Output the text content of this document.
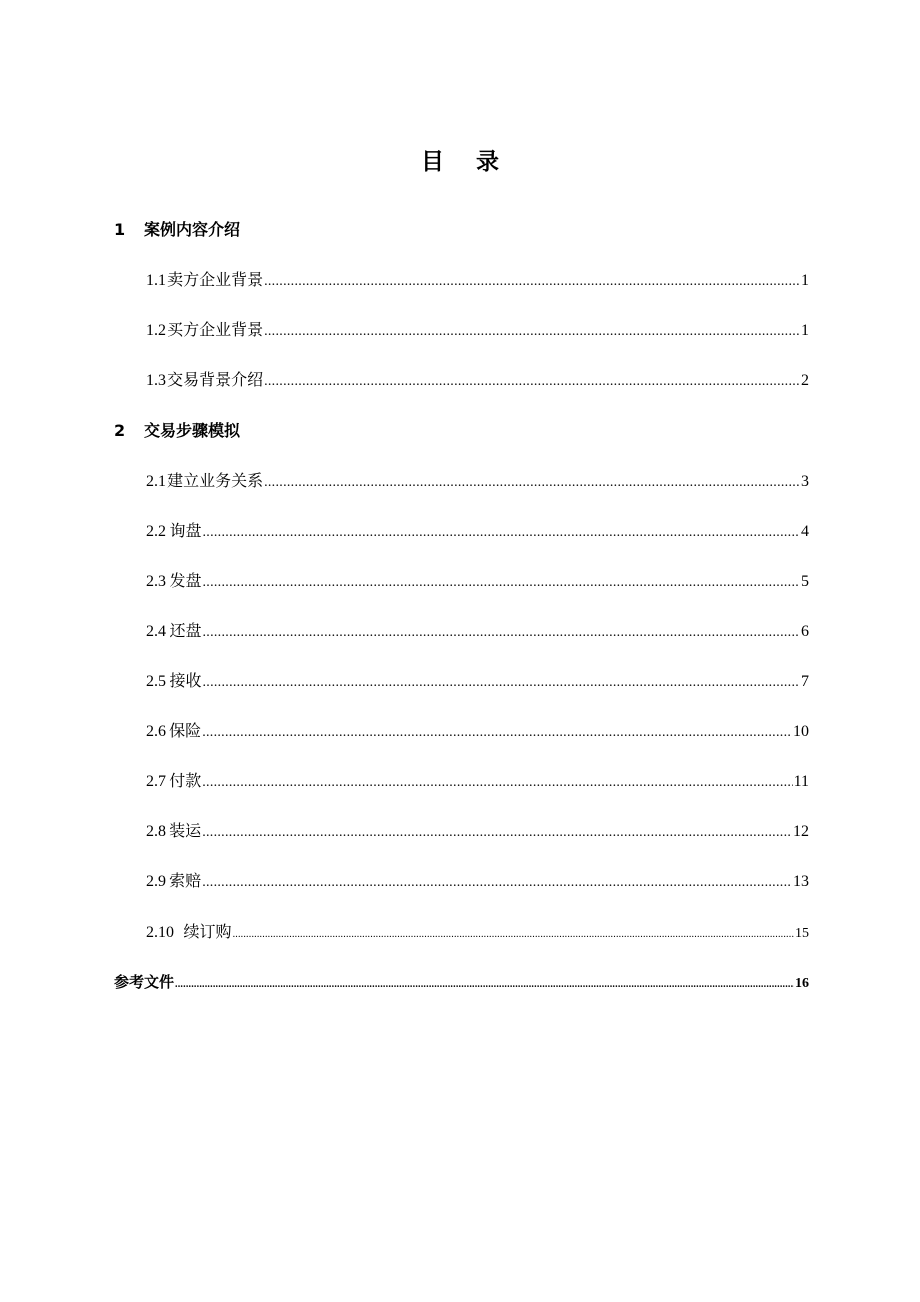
目 录
1 案例内容介绍
1.1 卖方企业背景 .....	1
1.2 买方企业背景 .....	1
1.3 交易背景介绍 .....	2
2 交易步骤模拟
2.1 建立业务关系 .....	3
2.2 询盘 .....	4
2.3 发盘 .....	5
2.4 还盘 .....	6
2.5 接收 .....	7
2.6 保险 .....	10
2.7 付款 .....	11
2.8 装运 .....	12
2.9 索赔 .....	13
2.10 续订购 .....	15
参考文件 .....	16
